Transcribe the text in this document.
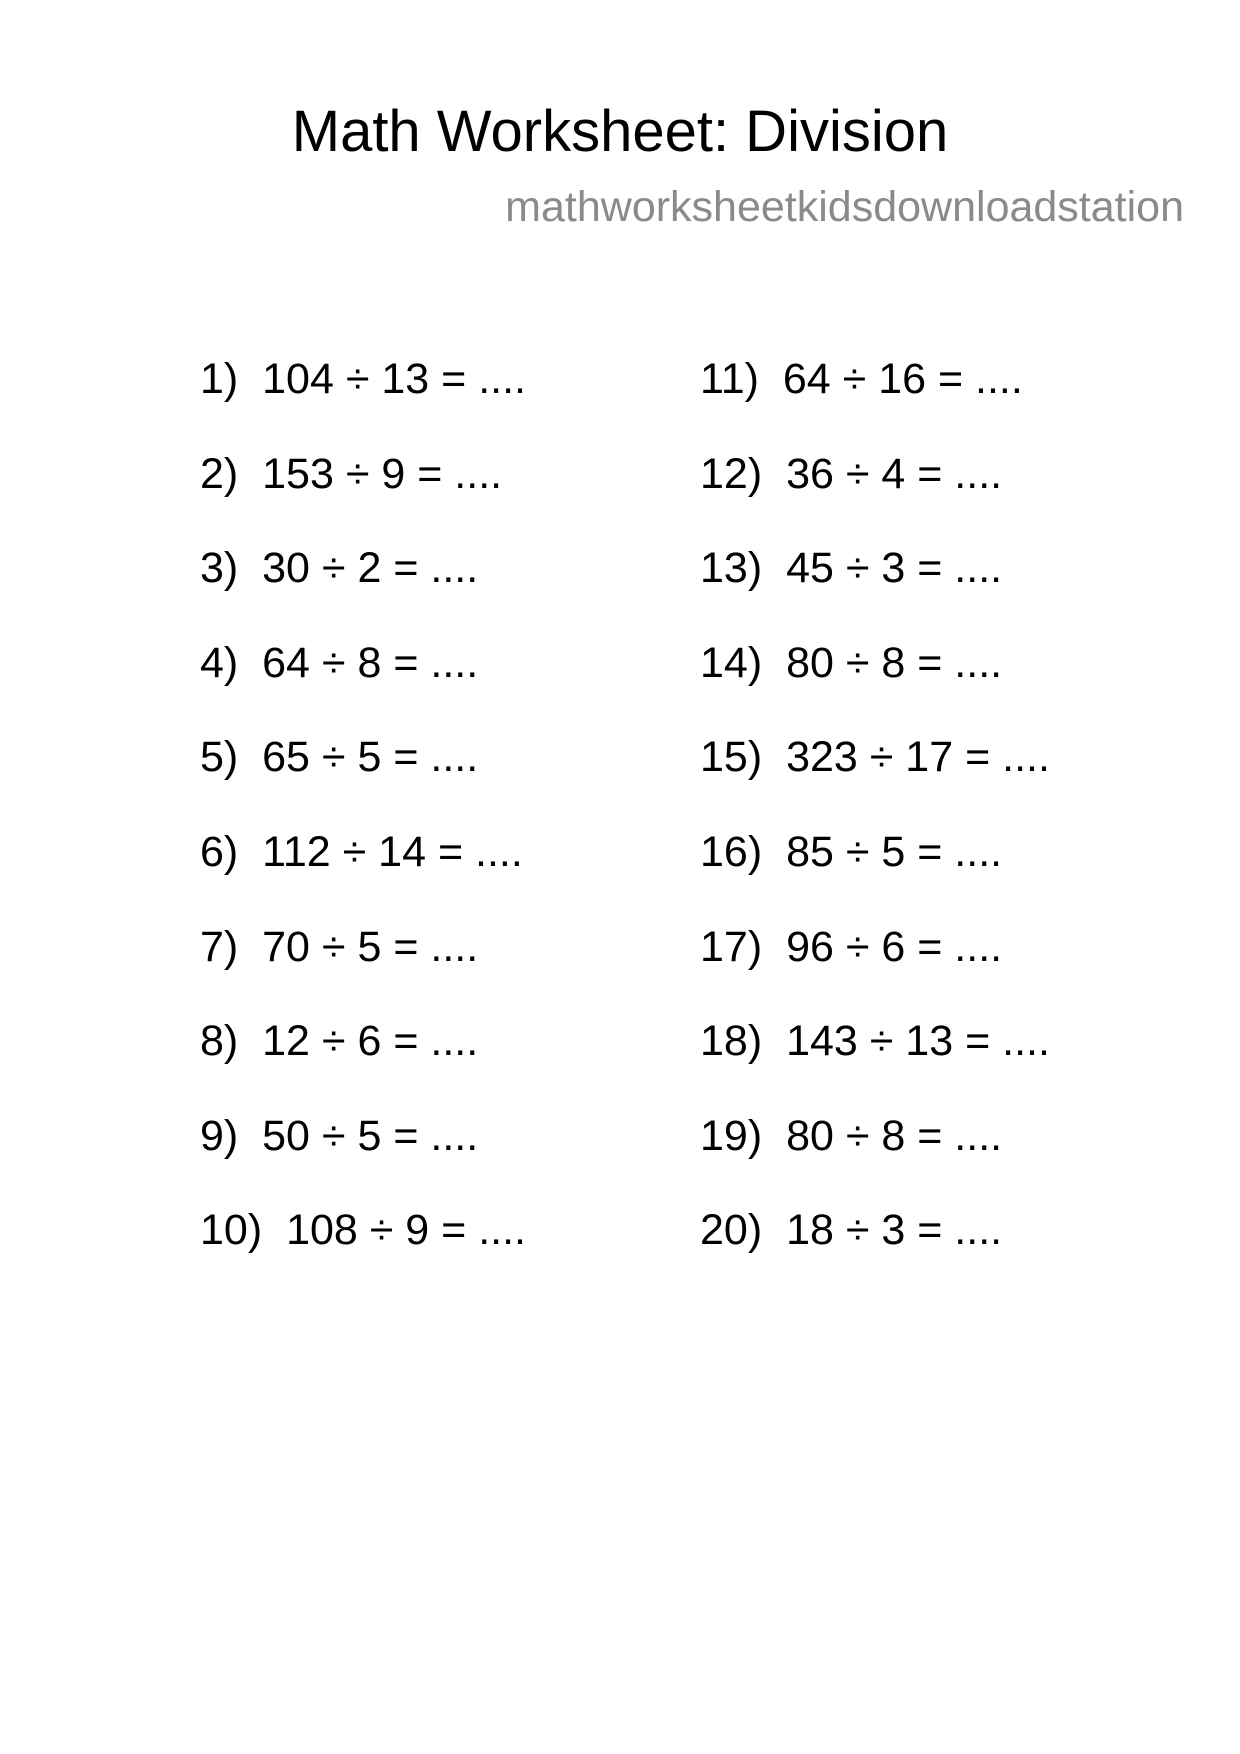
Math Worksheet: Division
mathworksheetkidsdownloadstation
1) 104 ÷ 13 = ....
2) 153 ÷ 9 = ....
3) 30 ÷ 2 = ....
4) 64 ÷ 8 = ....
5) 65 ÷ 5 = ....
6) 112 ÷ 14 = ....
7) 70 ÷ 5 = ....
8) 12 ÷ 6 = ....
9) 50 ÷ 5 = ....
10) 108 ÷ 9 = ....
11) 64 ÷ 16 = ....
12) 36 ÷ 4 = ....
13) 45 ÷ 3 = ....
14) 80 ÷ 8 = ....
15) 323 ÷ 17 = ....
16) 85 ÷ 5 = ....
17) 96 ÷ 6 = ....
18) 143 ÷ 13 = ....
19) 80 ÷ 8 = ....
20) 18 ÷ 3 = ....
